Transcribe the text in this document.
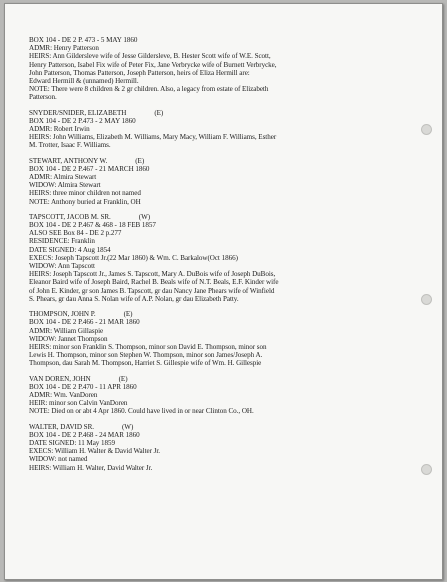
BOX 104 - DE 2 P. 473 - 5 MAY 1860
ADMR: Henry Patterson
HEIRS: Ann Gildersleve wife of Jesse Gildersleve, B. Hester Scott wife of W.E. Scott,
Henry Patterson, Isabel Fix wife of Peter Fix, Jane Verbrycke wife of Burnett Verbrycke,
John Patterson, Thomas Patterson, Joseph Patterson, heirs of Eliza Hermill are:
Edward Hermill & (unnamed) Hermill.
NOTE: There were 8 children & 2 gr children. Also, a legacy from estate of Elizabeth
Patterson.
SNYDER/SNIDER, ELIZABETH	(E)
BOX 104 - DE 2 P.473 - 2 MAY 1860
ADMR: Robert Irwin
HEIRS: John Williams, Elizabeth M. Williams, Mary Macy, William F. Williams, Esther
M. Trotter, Isaac F. Williams.
STEWART, ANTHONY W.	(E)
BOX 104 - DE 2 P.467 - 21 MARCH 1860
ADMR: Almira Stewart
WIDOW: Almira Stewart
HEIRS: three minor children not named
NOTE: Anthony buried at Franklin, OH
TAPSCOTT, JACOB M. SR.	(W)
BOX 104 - DE 2 P.467 & 468 - 18 FEB 1857
ALSO SEE Box 84 - DE 2 p.277
RESIDENCE: Franklin
DATE SIGNED: 4 Aug 1854
EXECS: Joseph Tapscott Jr.(22 Mar 1860) & Wm. C. Barkalow(Oct 1866)
WIDOW: Ann Tapscott
HEIRS: Joseph Tapscott Jr., James S. Tapscott, Mary A. DuBois wife of Joseph DuBois,
Eleanor Baird wife of Joseph Baird, Rachel B. Beals wife of N.T. Beals, E.F. Kinder wife
of John E. Kinder, gr son James B. Tapscott, gr dau Nancy Jane Phears wife of Winfield
S. Phears, gr dau Anna S. Nolan wife of A.P. Nolan, gr dau Elizabeth Patty.
THOMPSON, JOHN P.	(E)
BOX 104 - DE 2 P.466 - 21 MAR 1860
ADMR: William Gillaspie
WIDOW: Jannet Thompson
HEIRS: minor son Franklin S. Thompson, minor son David E. Thompson, minor son
Lewis H. Thompson, minor son Stephen W. Thompson, minor son James/Joseph A.
Thompson, dau Sarah M. Thompson, Harriet S. Gillespie wife of Wm. H. Gillespie
VAN DOREN, JOHN	(E)
BOX 104 - DE 2 P.470 - 11 APR 1860
ADMR: Wm. VanDoren
HEIR: minor son Calvin VanDoren
NOTE: Died on or abt 4 Apr 1860. Could have lived in or near Clinton Co., OH.
WALTER, DAVID SR.	(W)
BOX 104 - DE 2 P.468 - 24 MAR 1860
DATE SIGNED: 11 May 1859
EXECS: William H. Walter & David Walter Jr.
WIDOW: not named
HEIRS: William H. Walter, David Walter Jr.
